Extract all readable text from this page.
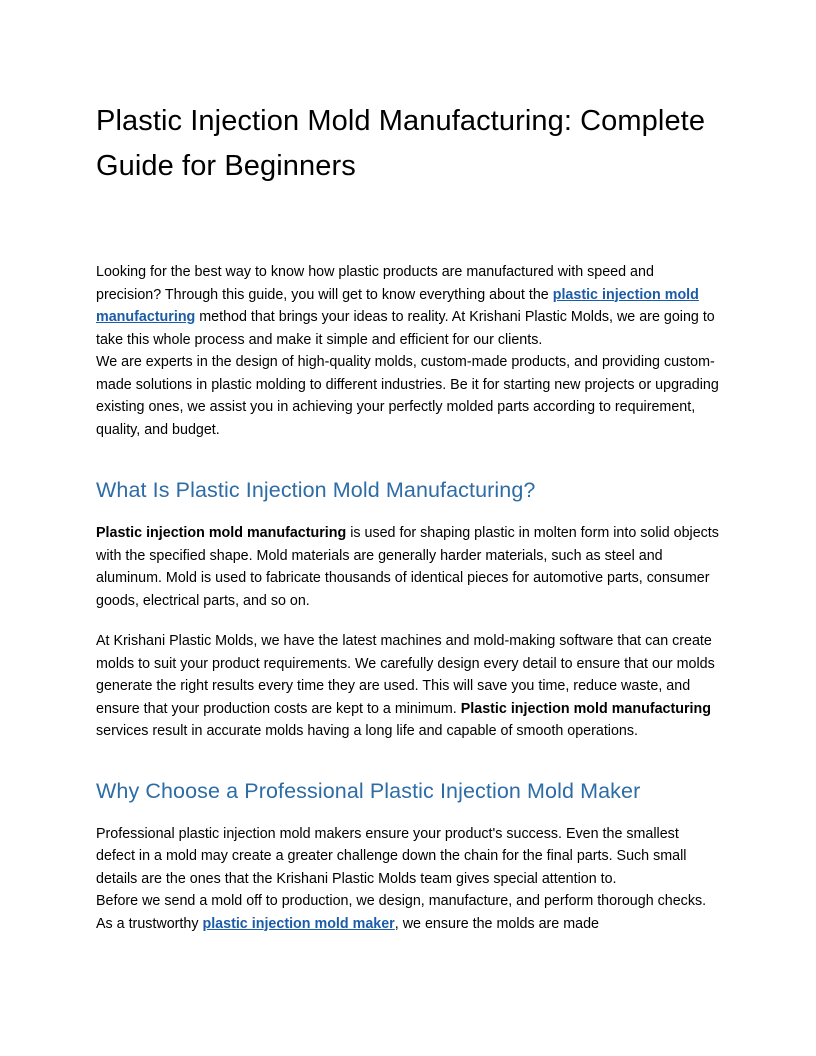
Plastic Injection Mold Manufacturing: Complete Guide for Beginners

Looking for the best way to know how plastic products are manufactured with speed and precision? Through this guide, you will get to know everything about the plastic injection mold manufacturing method that brings your ideas to reality. At Krishani Plastic Molds, we are going to take this whole process and make it simple and efficient for our clients.

We are experts in the design of high-quality molds, custom-made products, and providing custom-made solutions in plastic molding to different industries. Be it for starting new projects or upgrading existing ones, we assist you in achieving your perfectly molded parts according to requirement, quality, and budget.

What Is Plastic Injection Mold Manufacturing?

Plastic injection mold manufacturing is used for shaping plastic in molten form into solid objects with the specified shape. Mold materials are generally harder materials, such as steel and aluminum. Mold is used to fabricate thousands of identical pieces for automotive parts, consumer goods, electrical parts, and so on.

At Krishani Plastic Molds, we have the latest machines and mold-making software that can create molds to suit your product requirements. We carefully design every detail to ensure that our molds generate the right results every time they are used. This will save you time, reduce waste, and ensure that your production costs are kept to a minimum. Plastic injection mold manufacturing services result in accurate molds having a long life and capable of smooth operations.

Why Choose a Professional Plastic Injection Mold Maker

Professional plastic injection mold makers ensure your product's success. Even the smallest defect in a mold may create a greater challenge down the chain for the final parts. Such small details are the ones that the Krishani Plastic Molds team gives special attention to.

Before we send a mold off to production, we design, manufacture, and perform thorough checks. As a trustworthy plastic injection mold maker, we ensure the molds are made
